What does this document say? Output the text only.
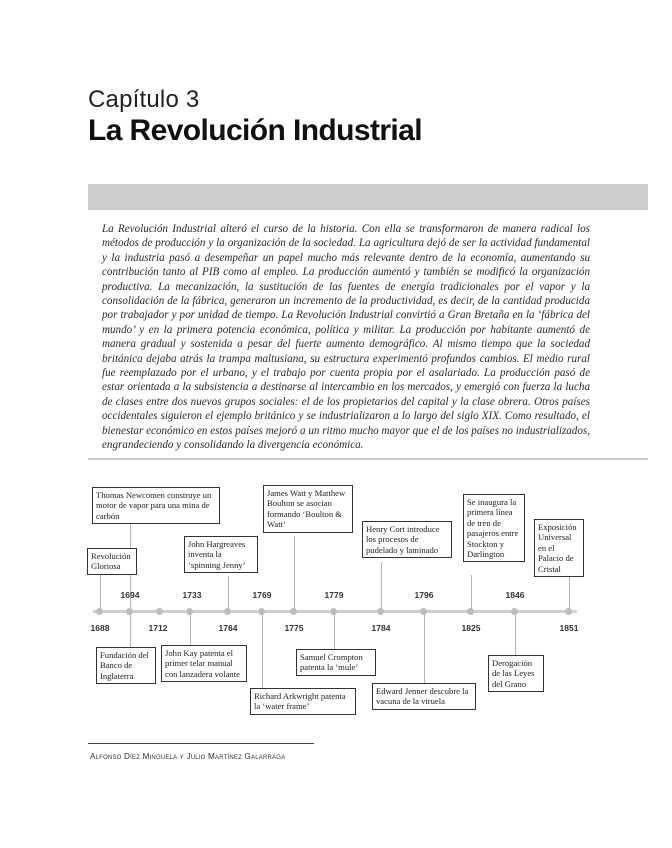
Capítulo 3
La Revolución Industrial

La Revolución Industrial alteró el curso de la historia. Con ella se transformaron de manera radical los métodos de producción y la organización de la sociedad. La agricultura dejó de ser la actividad fundamental y la industria pasó a desempeñar un papel mucho más relevante dentro de la economía, aumentando su contribución tanto al PIB como al empleo. La producción aumentó y también se modificó la organización productiva. La mecanización, la sustitución de las fuentes de energía tradicionales por el vapor y la consolidación de la fábrica, generaron un incremento de la productividad, es decir, de la cantidad producida por trabajador y por unidad de tiempo. La Revolución Industrial convirtió a Gran Bretaña en la ‘fábrica del mundo’ y en la primera potencia económica, política y militar. La producción por habitante aumentó de manera gradual y sostenida a pesar del fuerte aumento demográfico. Al mismo tiempo que la sociedad británica dejaba atrás la trampa maltusiana, su estructura experimentó profundos cambios. El medio rural fue reemplazado por el urbano, y el trabajo por cuenta propia por el asalariado. La producción pasó de estar orientada a la subsistencia a destinarse al intercambio en los mercados, y emergió con fuerza la lucha de clases entre dos nuevos grupos sociales: el de los propietarios del capital y la clase obrera. Otros países occidentales siguieron el ejemplo británico y se industrializaron a lo largo del siglo XIX. Como resultado, el bienestar económico en estos países mejoró a un ritmo mucho mayor que el de los países no industrializados, engrandeciendo y consolidando la divergencia económica.

1694	1733	1769	1779	1796	1846
1688	1712	1764	1775	1784	1825	1851
Revolución Gloriosa
Thomas Newcomen construye un motor de vapor para una mina de carbón
John Hargreaves inventa la ‘spinning Jenny’
James Watt y Matthew Boulton se asocian formando ‘Boulton & Watt’	Henry Cort introduce los procesos de pudelado y laminado
Se inaugura la primera línea de tren de pasajeros entre Stockton y Darlington
Exposición Universal en el Palacio de Cristal
Fundación del Banco de Inglaterra
John Kay patenta el primer telar manual con lanzadera volante
Richard Arkwright patenta la ‘water frame’
Samuel Crompton patenta la ‘mule’
Edward Jenner descubre la vacuna de la viruela
Derogación de las Leyes del Grano
Alfonso Díez Minguela y Julio Martínez Galarraga
